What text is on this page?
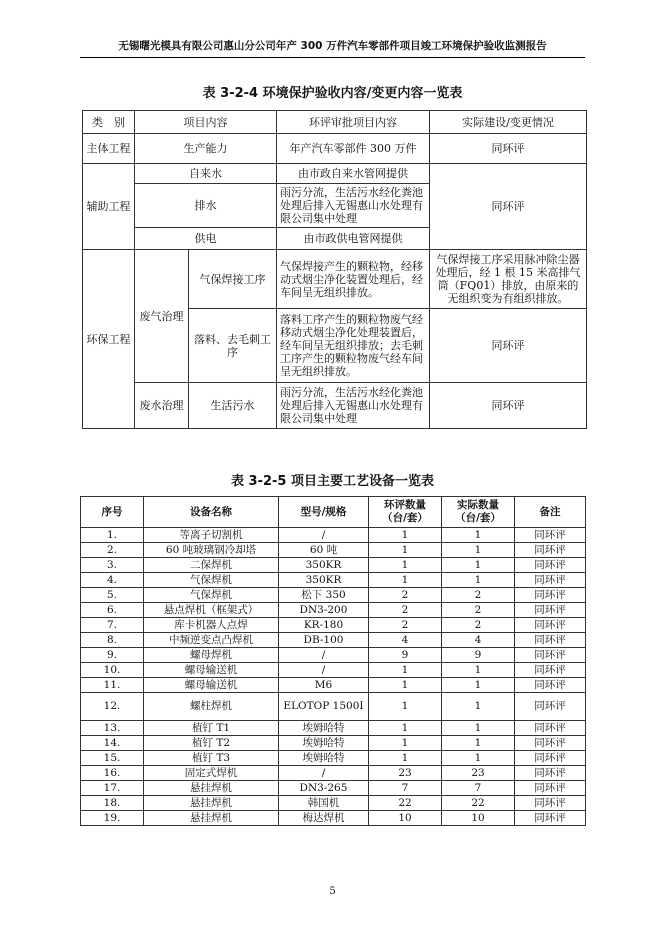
无锡曙光模具有限公司惠山分公司年产 300 万件汽车零部件项目竣工环境保护验收监测报告
表 3-2-4 环境保护验收内容/变更内容一览表
类　别	项目内容		环评审批项目内容	实际建设/变更情况
主体工程	生产能力		年产汽车零部件 300 万件	同环评
辅助工程	自来水		由市政自来水管网提供	同环评
	排水		雨污分流，生活污水经化粪池处理后排入无锡惠山水处理有限公司集中处理	
	供电		由市政供电管网提供	
环保工程	废气治理	气保焊接工序	气保焊接产生的颗粒物，经移动式烟尘净化装置处理后，经车间呈无组织排放。	气保焊接工序采用脉冲除尘器处理后，经 1 根 15 米高排气筒（FQ01）排放，由原来的无组织变为有组织排放。
		落料、去毛刺工序	落料工序产生的颗粒物废气经移动式烟尘净化处理装置后，经车间呈无组织排放；去毛刺工序产生的颗粒物废气经车间呈无组织排放。	同环评
	废水治理	生活污水	雨污分流，生活污水经化粪池处理后排入无锡惠山水处理有限公司集中处理	同环评
表 3-2-5 项目主要工艺设备一览表
序号	设备名称	型号/规格	环评数量（台/套）	实际数量（台/套）	备注
1.	等离子切割机	/	1	1	同环评
2.	60 吨玻璃钢冷却塔	60 吨	1	1	同环评
3.	二保焊机	350KR	1	1	同环评
4.	气保焊机	350KR	1	1	同环评
5.	气保焊机	松下 350	2	2	同环评
6.	悬点焊机（框架式）	DN3-200	2	2	同环评
7.	库卡机器人点焊	KR-180	2	2	同环评
8.	中频逆变点凸焊机	DB-100	4	4	同环评
9.	螺母焊机	/	9	9	同环评
10.	螺母输送机	/	1	1	同环评
11.	螺母输送机	M6	1	1	同环评
12.	螺柱焊机	ELOTOP 1500I	1	1	同环评
13.	植钉 T1	埃姆哈特	1	1	同环评
14.	植钉 T2	埃姆哈特	1	1	同环评
15.	植钉 T3	埃姆哈特	1	1	同环评
16.	固定式焊机	/	23	23	同环评
17.	悬挂焊机	DN3-265	7	7	同环评
18.	悬挂焊机	韩国机	22	22	同环评
19.	悬挂焊机	梅达焊机	10	10	同环评
5
